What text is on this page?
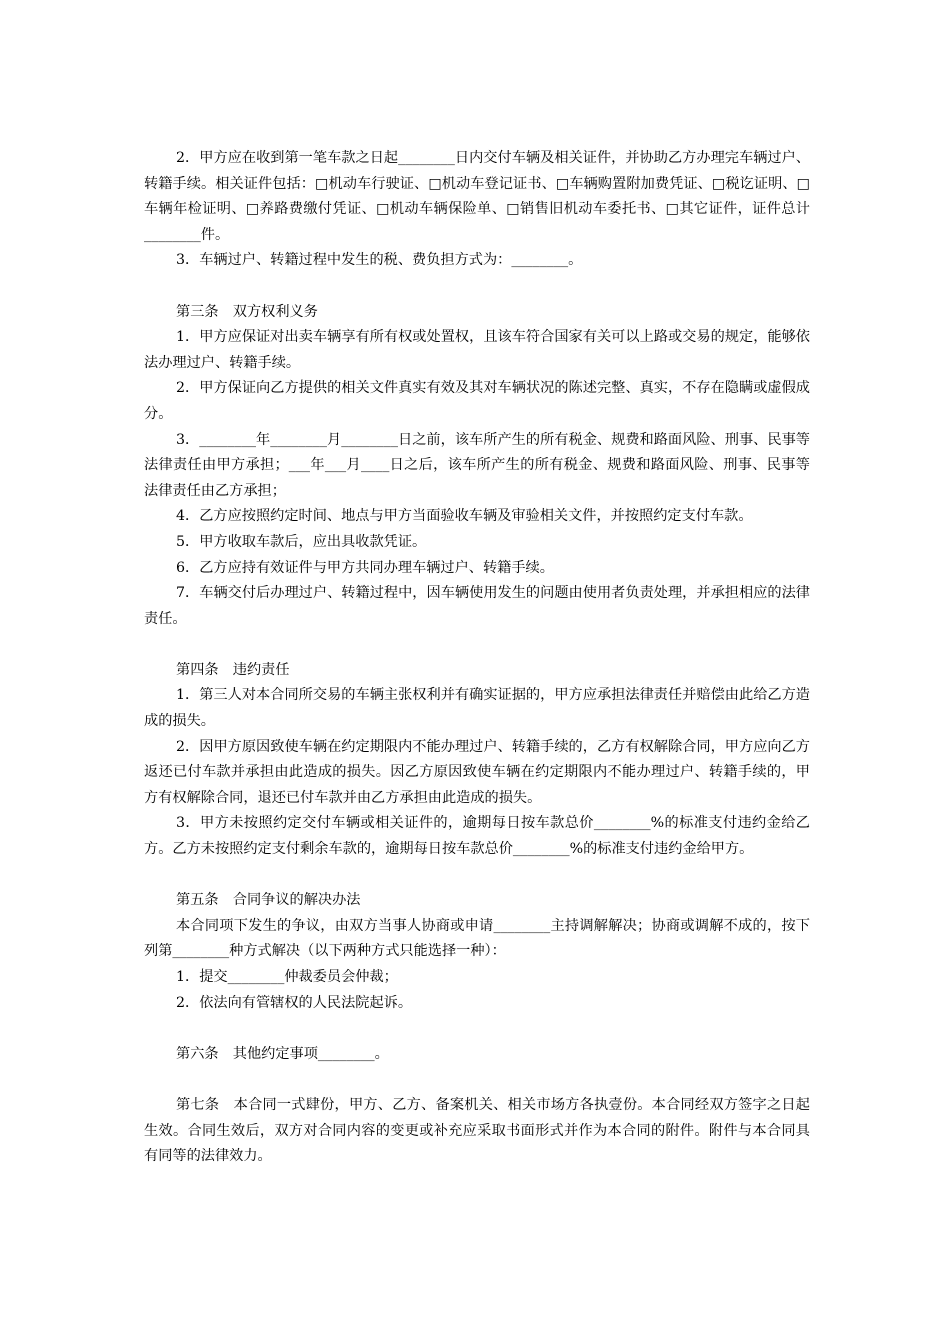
2．甲方应在收到第一笔车款之日起________日内交付车辆及相关证件，并协助乙方办理完车辆过户、转籍手续。相关证件包括：□机动车行驶证、□机动车登记证书、□车辆购置附加费凭证、□税讫证明、□车辆年检证明、□养路费缴付凭证、□机动车辆保险单、□销售旧机动车委托书、□其它证件，证件总计________件。

3．车辆过户、转籍过程中发生的税、费负担方式为：________。

第三条　双方权利义务

1．甲方应保证对出卖车辆享有所有权或处置权，且该车符合国家有关可以上路或交易的规定，能够依法办理过户、转籍手续。

2．甲方保证向乙方提供的相关文件真实有效及其对车辆状况的陈述完整、真实，不存在隐瞒或虚假成分。

3．________年________月________日之前，该车所产生的所有税金、规费和路面风险、刑事、民事等法律责任由甲方承担；___年___月____日之后，该车所产生的所有税金、规费和路面风险、刑事、民事等法律责任由乙方承担；

4．乙方应按照约定时间、地点与甲方当面验收车辆及审验相关文件，并按照约定支付车款。

5．甲方收取车款后，应出具收款凭证。

6．乙方应持有效证件与甲方共同办理车辆过户、转籍手续。

7．车辆交付后办理过户、转籍过程中，因车辆使用发生的问题由使用者负责处理，并承担相应的法律责任。

第四条　违约责任

1．第三人对本合同所交易的车辆主张权利并有确实证据的，甲方应承担法律责任并赔偿由此给乙方造成的损失。

2．因甲方原因致使车辆在约定期限内不能办理过户、转籍手续的，乙方有权解除合同，甲方应向乙方返还已付车款并承担由此造成的损失。因乙方原因致使车辆在约定期限内不能办理过户、转籍手续的，甲方有权解除合同，退还已付车款并由乙方承担由此造成的损失。

3．甲方未按照约定交付车辆或相关证件的，逾期每日按车款总价________%的标准支付违约金给乙方。乙方未按照约定支付剩余车款的，逾期每日按车款总价________%的标准支付违约金给甲方。

第五条　合同争议的解决办法

本合同项下发生的争议，由双方当事人协商或申请________主持调解解决；协商或调解不成的，按下列第________种方式解决（以下两种方式只能选择一种）：

1．提交________仲裁委员会仲裁；

2．依法向有管辖权的人民法院起诉。

第六条　其他约定事项________。

第七条　本合同一式肆份，甲方、乙方、备案机关、相关市场方各执壹份。本合同经双方签字之日起生效。合同生效后，双方对合同内容的变更或补充应采取书面形式并作为本合同的附件。附件与本合同具有同等的法律效力。
